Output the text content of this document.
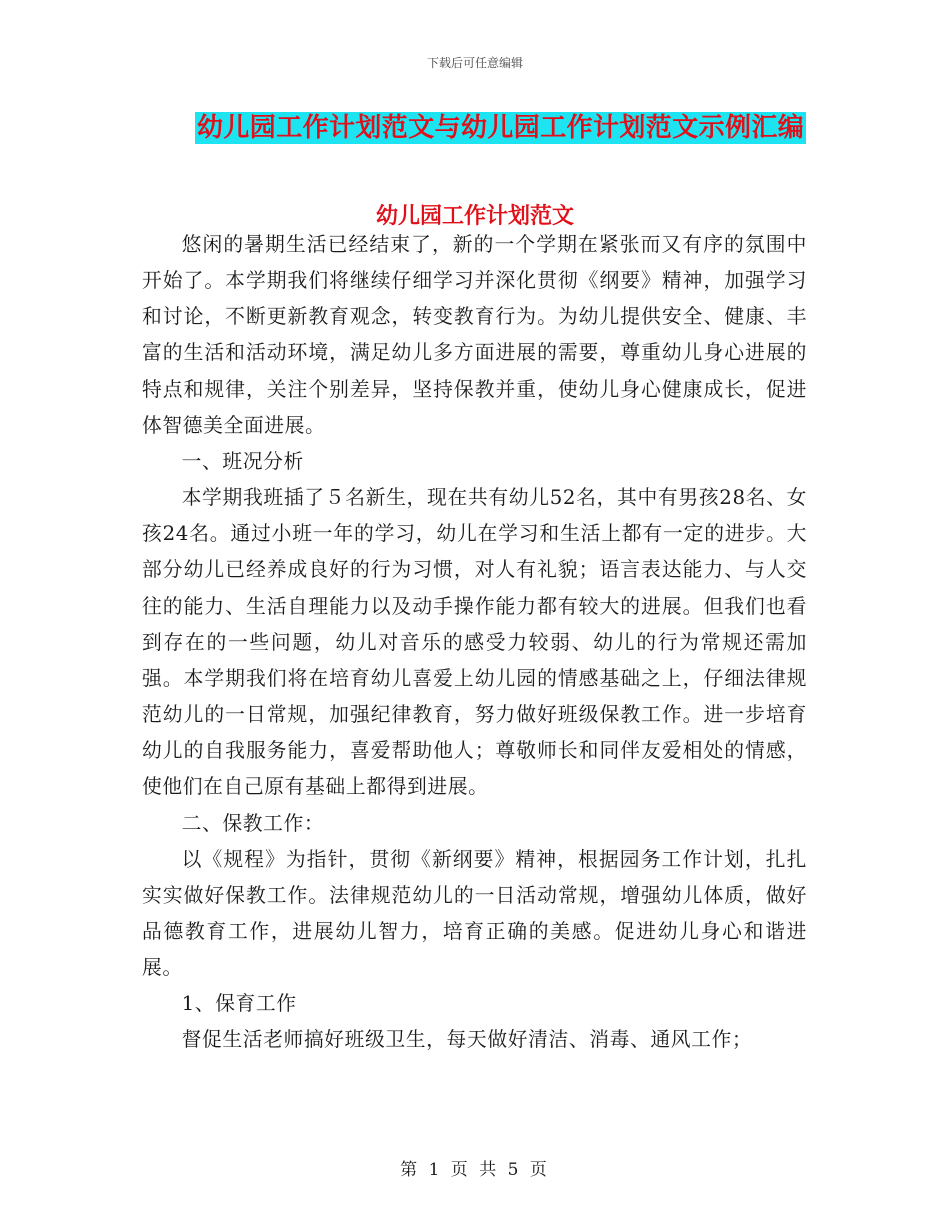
下载后可任意编辑
幼儿园工作计划范文与幼儿园工作计划范文示例汇编
幼儿园工作计划范文

悠闲的暑期生活已经结束了，新的一个学期在紧张而又有序的氛围中开始了。本学期我们将继续仔细学习并深化贯彻《纲要》精神，加强学习和讨论，不断更新教育观念，转变教育行为。为幼儿提供安全、健康、丰富的生活和活动环境，满足幼儿多方面进展的需要，尊重幼儿身心进展的特点和规律，关注个别差异，坚持保教并重，使幼儿身心健康成长，促进体智德美全面进展。

一、班况分析

本学期我班插了５名新生，现在共有幼儿52名，其中有男孩28名、女孩24名。通过小班一年的学习，幼儿在学习和生活上都有一定的进步。大部分幼儿已经养成良好的行为习惯，对人有礼貌；语言表达能力、与人交往的能力、生活自理能力以及动手操作能力都有较大的进展。但我们也看到存在的一些问题，幼儿对音乐的感受力较弱、幼儿的行为常规还需加强。本学期我们将在培育幼儿喜爱上幼儿园的情感基础之上，仔细法律规范幼儿的一日常规，加强纪律教育，努力做好班级保教工作。进一步培育幼儿的自我服务能力，喜爱帮助他人；尊敬师长和同伴友爱相处的情感，使他们在自己原有基础上都得到进展。

二、保教工作：

以《规程》为指针，贯彻《新纲要》精神，根据园务工作计划，扎扎实实做好保教工作。法律规范幼儿的一日活动常规，增强幼儿体质，做好品德教育工作，进展幼儿智力，培育正确的美感。促进幼儿身心和谐进展。

1、保育工作

督促生活老师搞好班级卫生，每天做好清洁、消毒、通风工作；

第 1 页 共 5 页
